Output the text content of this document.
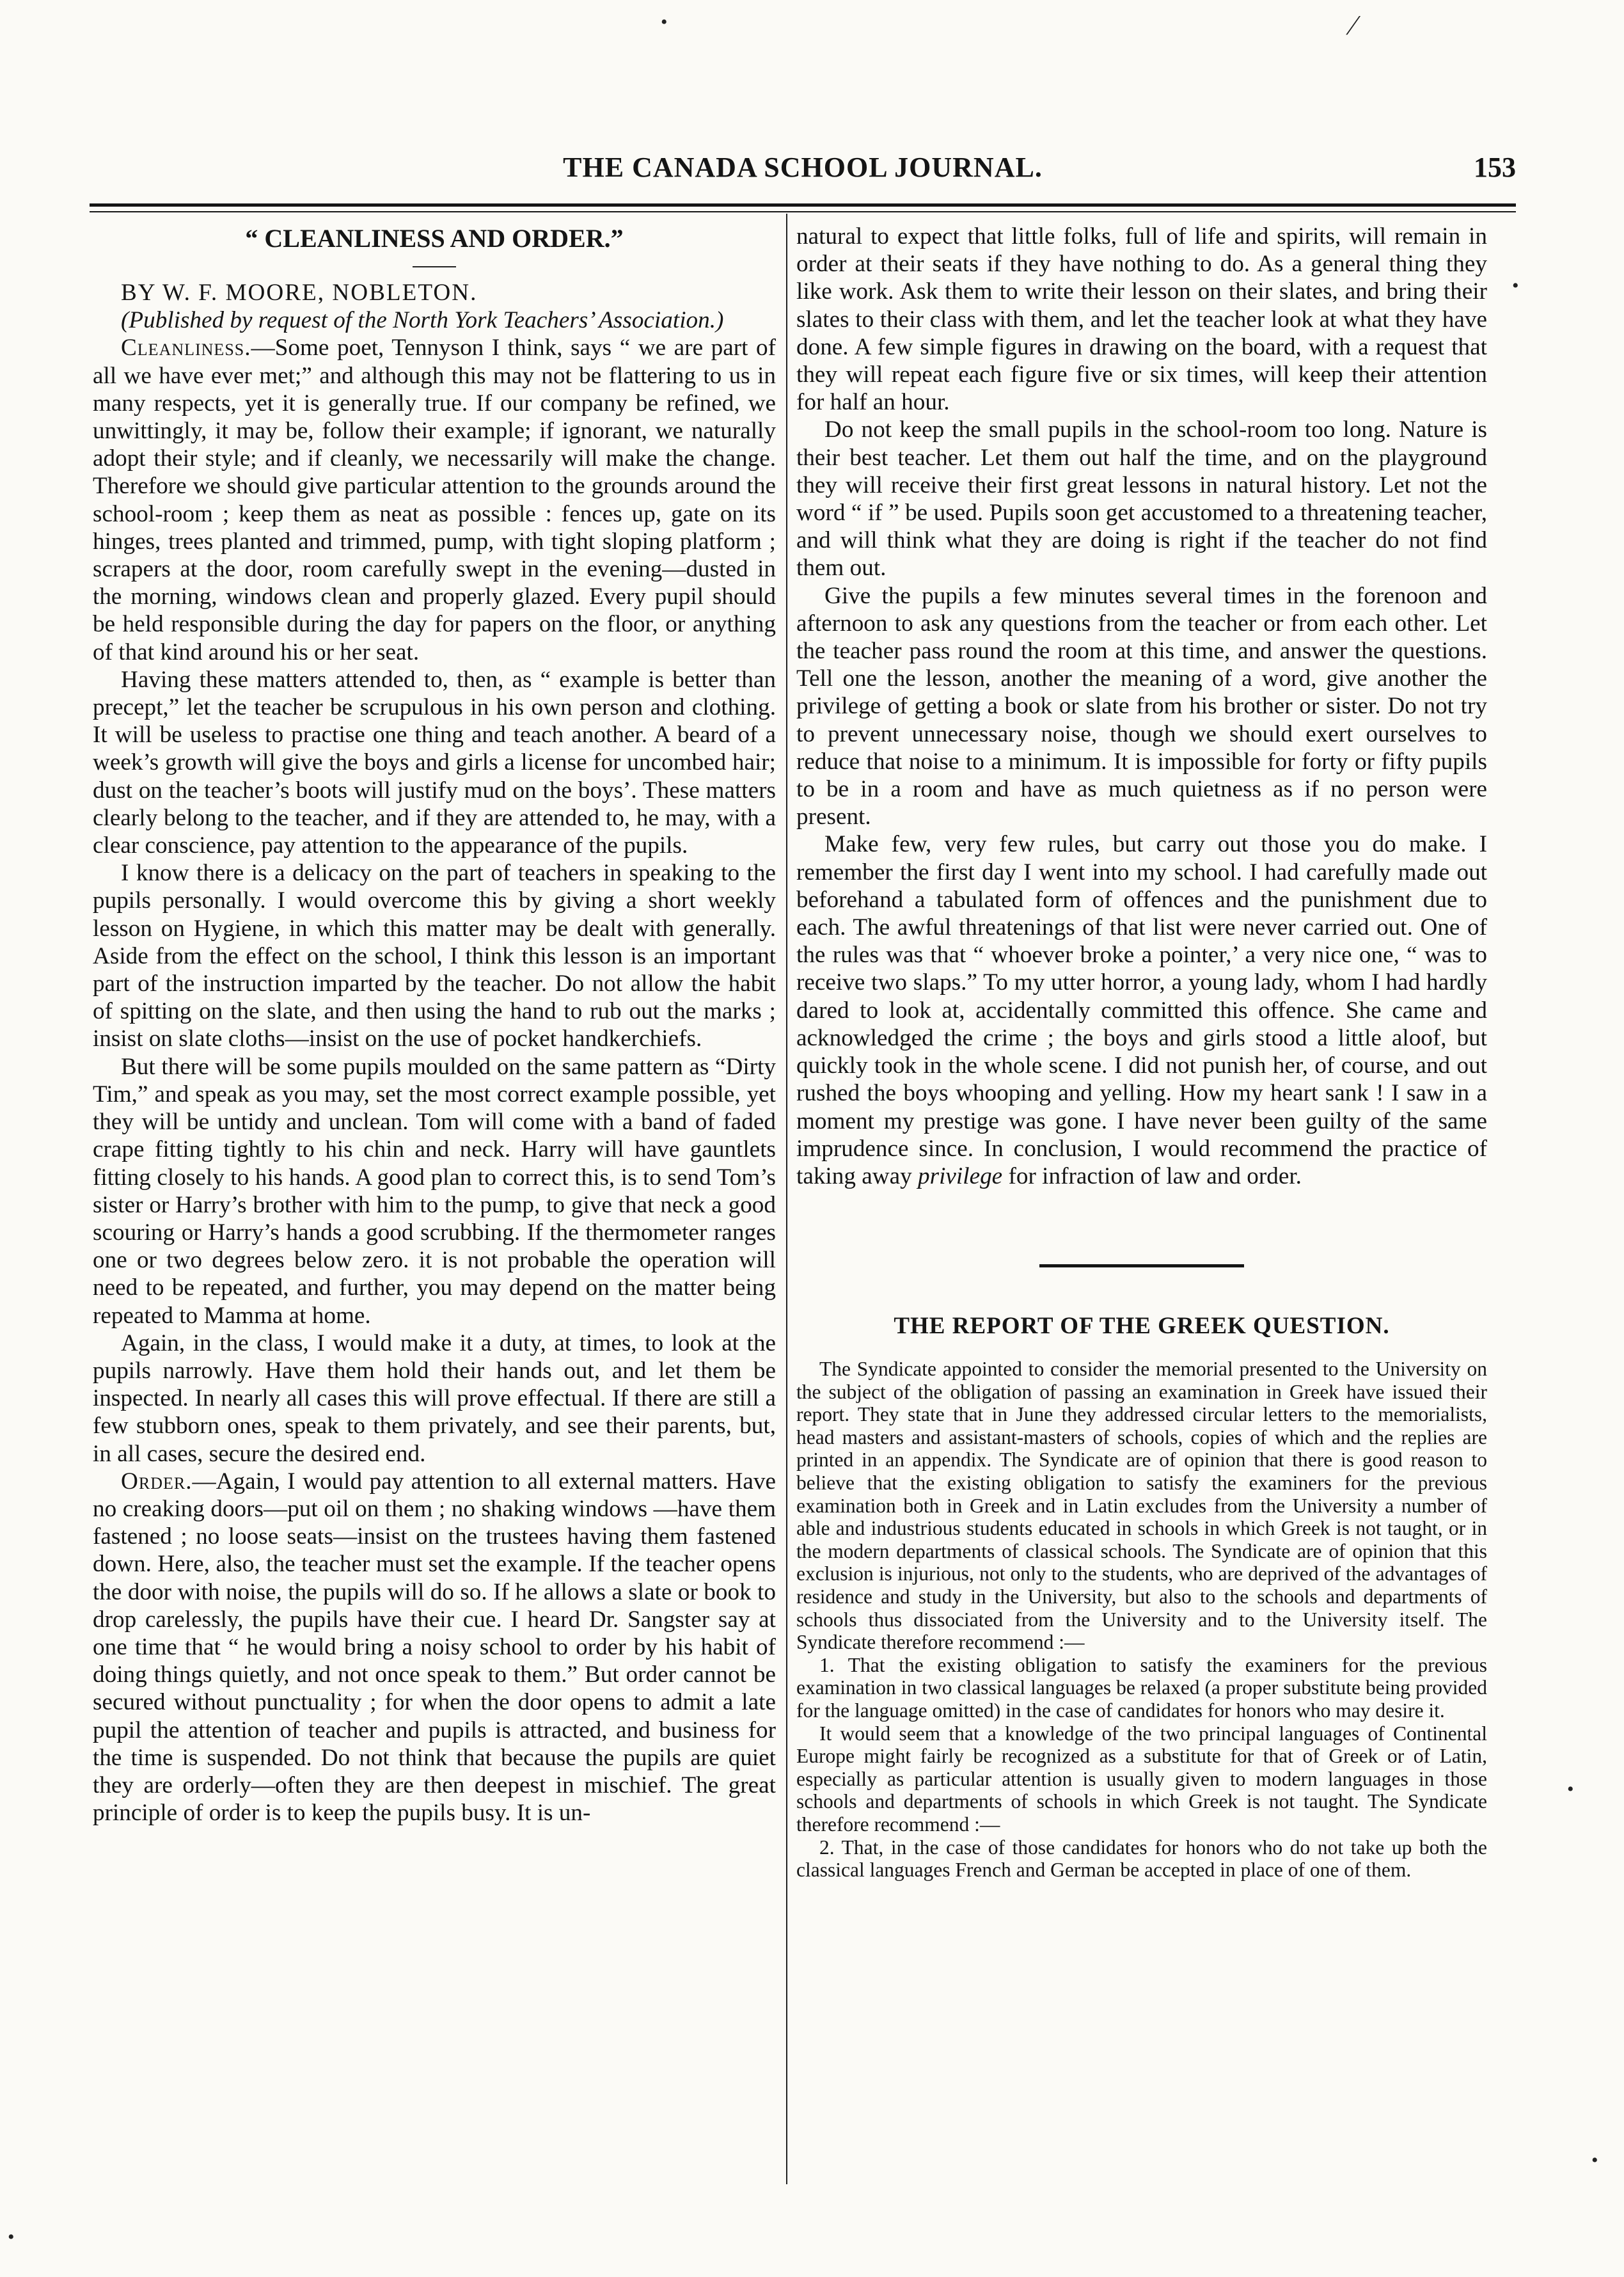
THE CANADA SCHOOL JOURNAL.	153
•	⁄
“ CLEANLINESS AND ORDER.”

BY W. F. MOORE, NOBLETON.

(Published by request of the North York Teachers’ Association.)

Cleanliness.—Some poet, Tennyson I think, says “ we are part of all we have ever met;” and although this may not be flattering to us in many respects, yet it is generally true. If our company be refined, we unwittingly, it may be, follow their example; if ignorant, we naturally adopt their style; and if cleanly, we necessarily will make the change. Therefore we should give particular attention to the grounds around the school-room ; keep them as neat as possible : fences up, gate on its hinges, trees planted and trimmed, pump, with tight sloping platform ; scrapers at the door, room carefully swept in the evening—dusted in the morning, windows clean and properly glazed. Every pupil should be held responsible during the day for papers on the floor, or anything of that kind around his or her seat.

Having these matters attended to, then, as “ example is better than precept,” let the teacher be scrupulous in his own person and clothing. It will be useless to practise one thing and teach another. A beard of a week’s growth will give the boys and girls a license for uncombed hair; dust on the teacher’s boots will justify mud on the boys’. These matters clearly belong to the teacher, and if they are attended to, he may, with a clear conscience, pay attention to the appearance of the pupils.

I know there is a delicacy on the part of teachers in speaking to the pupils personally. I would overcome this by giving a short weekly lesson on Hygiene, in which this matter may be dealt with generally. Aside from the effect on the school, I think this lesson is an important part of the instruction imparted by the teacher. Do not allow the habit of spitting on the slate, and then using the hand to rub out the marks ; insist on slate cloths—insist on the use of pocket handkerchiefs.

But there will be some pupils moulded on the same pattern as “Dirty Tim,” and speak as you may, set the most correct example possible, yet they will be untidy and unclean. Tom will come with a band of faded crape fitting tightly to his chin and neck. Harry will have gauntlets fitting closely to his hands. A good plan to correct this, is to send Tom’s sister or Harry’s brother with him to the pump, to give that neck a good scouring or Harry’s hands a good scrubbing. If the thermometer ranges one or two degrees below zero. it is not probable the operation will need to be repeated, and further, you may depend on the matter being repeated to Mamma at home.

Again, in the class, I would make it a duty, at times, to look at the pupils narrowly. Have them hold their hands out, and let them be inspected. In nearly all cases this will prove effectual. If there are still a few stubborn ones, speak to them privately, and see their parents, but, in all cases, secure the desired end.

Order.—Again, I would pay attention to all external matters. Have no creaking doors—put oil on them ; no shaking windows —have them fastened ; no loose seats—insist on the trustees having them fastened down. Here, also, the teacher must set the example. If the teacher opens the door with noise, the pupils will do so. If he allows a slate or book to drop carelessly, the pupils have their cue. I heard Dr. Sangster say at one time that “ he would bring a noisy school to order by his habit of doing things quietly, and not once speak to them.” But order cannot be secured without punctuality ; for when the door opens to admit a late pupil the attention of teacher and pupils is attracted, and business for the time is suspended. Do not think that because the pupils are quiet they are orderly—often they are then deepest in mischief. The great principle of order is to keep the pupils busy. It is un-

natural to expect that little folks, full of life and spirits, will remain in order at their seats if they have nothing to do. As a general thing they like work. Ask them to write their lesson on their slates, and bring their slates to their class with them, and let the teacher look at what they have done. A few simple figures in drawing on the board, with a request that they will repeat each figure five or six times, will keep their attention for half an hour.

Do not keep the small pupils in the school-room too long. Nature is their best teacher. Let them out half the time, and on the playground they will receive their first great lessons in natural history. Let not the word “ if ” be used. Pupils soon get accustomed to a threatening teacher, and will think what they are doing is right if the teacher do not find them out.

Give the pupils a few minutes several times in the forenoon and afternoon to ask any questions from the teacher or from each other. Let the teacher pass round the room at this time, and answer the questions. Tell one the lesson, another the meaning of a word, give another the privilege of getting a book or slate from his brother or sister. Do not try to prevent unnecessary noise, though we should exert ourselves to reduce that noise to a minimum. It is impossible for forty or fifty pupils to be in a room and have as much quietness as if no person were present.

Make few, very few rules, but carry out those you do make. I remember the first day I went into my school. I had carefully made out beforehand a tabulated form of offences and the punishment due to each. The awful threatenings of that list were never carried out. One of the rules was that “ whoever broke a pointer,’ a very nice one, “ was to receive two slaps.” To my utter horror, a young lady, whom I had hardly dared to look at, accidentally committed this offence. She came and acknowledged the crime ; the boys and girls stood a little aloof, but quickly took in the whole scene. I did not punish her, of course, and out rushed the boys whooping and yelling. How my heart sank ! I saw in a moment my prestige was gone. I have never been guilty of the same imprudence since. In conclusion, I would recommend the practice of taking away privilege for infraction of law and order.

THE REPORT OF THE GREEK QUESTION.

The Syndicate appointed to consider the memorial presented to the University on the subject of the obligation of passing an examination in Greek have issued their report. They state that in June they addressed circular letters to the memorialists, head masters and assistant-masters of schools, copies of which and the replies are printed in an appendix. The Syndicate are of opinion that there is good reason to believe that the existing obligation to satisfy the examiners for the previous examination both in Greek and in Latin excludes from the University a number of able and industrious students educated in schools in which Greek is not taught, or in the modern departments of classical schools. The Syndicate are of opinion that this exclusion is injurious, not only to the students, who are deprived of the advantages of residence and study in the University, but also to the schools and departments of schools thus dissociated from the University and to the University itself. The Syndicate therefore recommend :—

1. That the existing obligation to satisfy the examiners for the previous examination in two classical languages be relaxed (a proper substitute being provided for the language omitted) in the case of candidates for honors who may desire it.

It would seem that a knowledge of the two principal languages of Continental Europe might fairly be recognized as a substitute for that of Greek or of Latin, especially as particular attention is usually given to modern languages in those schools and departments of schools in which Greek is not taught. The Syndicate therefore recommend :—

2. That, in the case of those candidates for honors who do not take up both the classical languages French and German be accepted in place of one of them.

•
•
•
•
